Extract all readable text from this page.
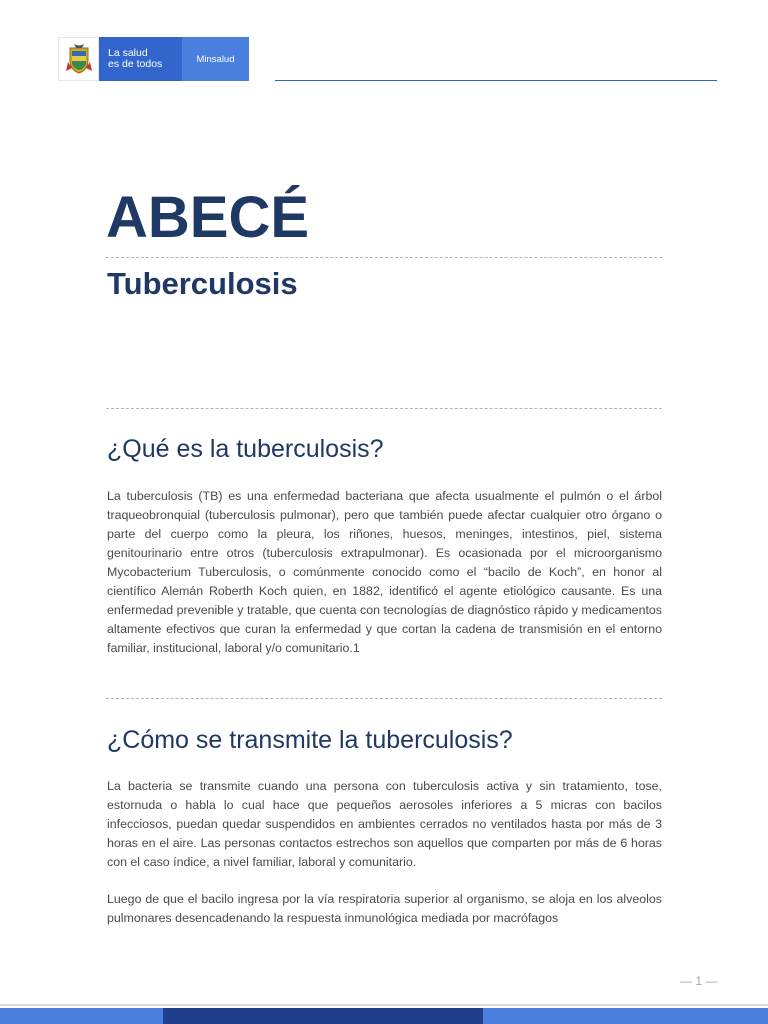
La salud
es de todos	Minsalud
ABECÉ
Tuberculosis
¿Qué es la tuberculosis?

La tuberculosis (TB) es una enfermedad bacteriana que afecta usualmente el pulmón o el árbol traqueobronquial (tuberculosis pulmonar), pero que también puede afectar cualquier otro órgano o parte del cuerpo como la pleura, los riñones, huesos, meninges, intestinos, piel, sistema genitourinario entre otros (tuberculosis extrapulmonar). Es ocasionada por el microorganismo Mycobacterium Tuberculosis, o comúnmente conocido como el “bacilo de Koch”, en honor al científico Alemán Roberth Koch quien, en 1882, identificó el agente etiológico causante. Es una enfermedad prevenible y tratable, que cuenta con tecnologías de diagnóstico rápido y medicamentos altamente efectivos que curan la enfermedad y que cortan la cadena de transmisión en el entorno familiar, institucional, laboral y/o comunitario.1

¿Cómo se transmite la tuberculosis?

La bacteria se transmite cuando una persona con tuberculosis activa y sin tratamiento, tose, estornuda o habla lo cual hace que pequeños aerosoles inferiores a 5 micras con bacilos infecciosos, puedan quedar suspendidos en ambientes cerrados no ventilados hasta por más de 3 horas en el aire. Las personas contactos estrechos son aquellos que comparten por más de 6 horas con el caso índice, a nivel familiar, laboral y comunitario.

Luego de que el bacilo ingresa por la vía respiratoria superior al organismo, se aloja en los alveolos pulmonares desencadenando la respuesta inmunológica mediada por macrófagos

— 1 —
